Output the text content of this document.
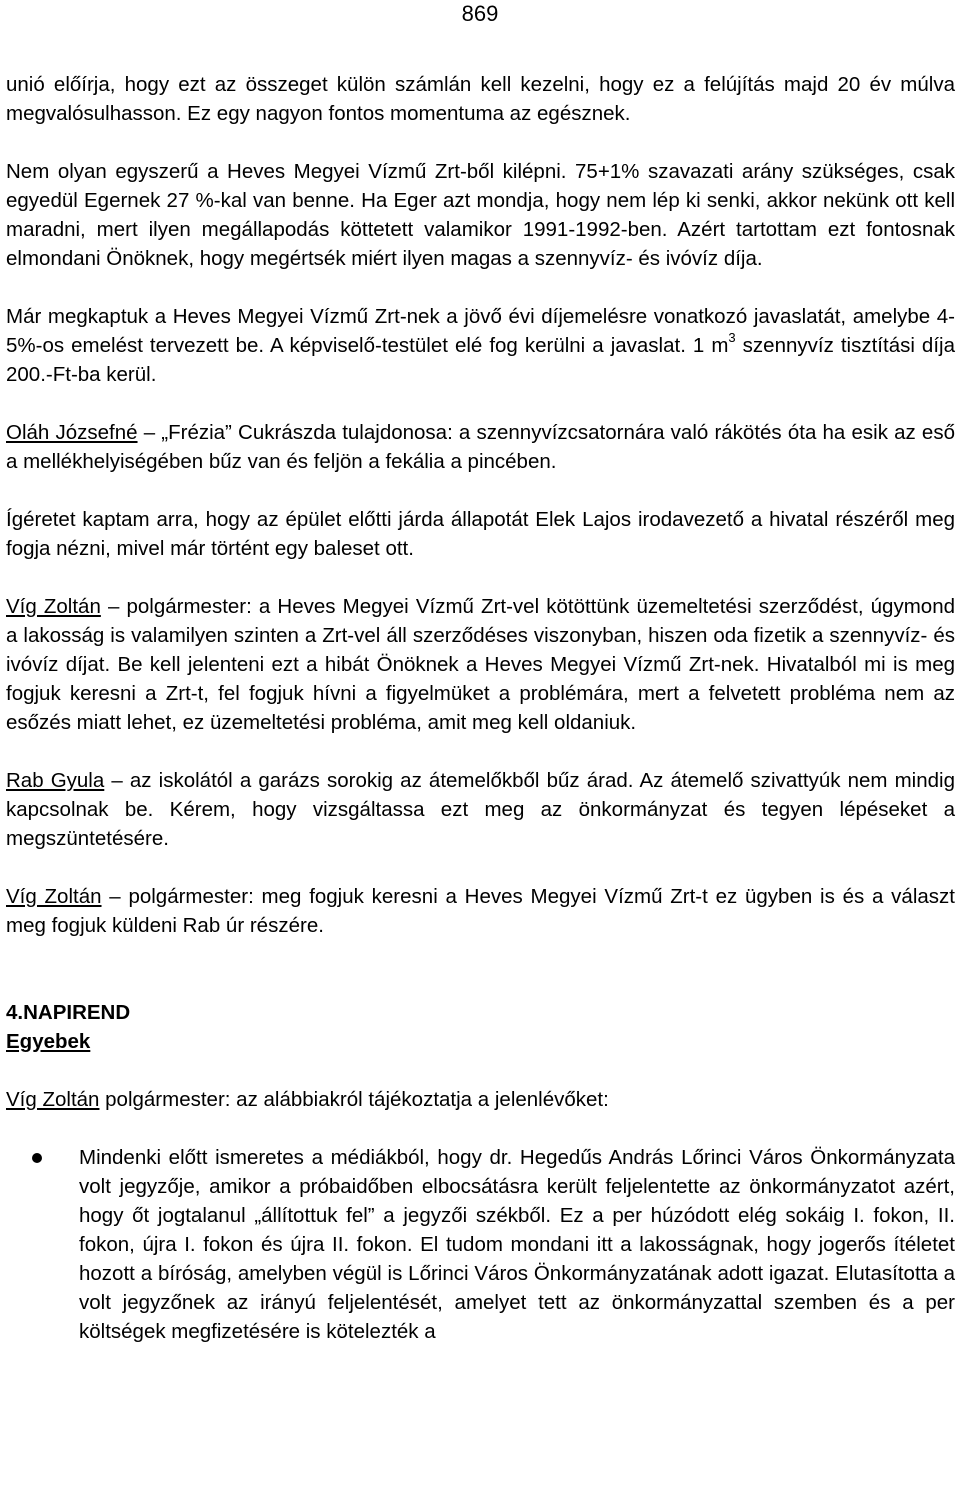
869

unió előírja, hogy ezt az összeget külön számlán kell kezelni, hogy ez a felújítás majd 20 év múlva megvalósulhasson. Ez egy nagyon fontos momentuma az egésznek.

Nem olyan egyszerű a Heves Megyei Vízmű Zrt-ből kilépni. 75+1% szavazati arány szükséges, csak egyedül Egernek 27 %-kal van benne. Ha Eger azt mondja, hogy nem lép ki senki, akkor nekünk ott kell maradni, mert ilyen megállapodás köttetett valamikor 1991-1992-ben. Azért tartottam ezt fontosnak elmondani Önöknek, hogy megértsék miért ilyen magas a szennyvíz- és ivóvíz díja.

Már megkaptuk a Heves Megyei Vízmű Zrt-nek a jövő évi díjemelésre vonatkozó javaslatát, amelybe 4-5%-os emelést tervezett be. A képviselő-testület elé fog kerülni a javaslat. 1 $m^3$ szennyvíz tisztítási díja 200.-Ft-ba kerül.

Oláh Józsefné – „Frézia” Cukrászda tulajdonosa: a szennyvízcsatornára való rákötés óta ha esik az eső a mellékhelyiségében bűz van és feljön a fekália a pincében.

Ígéretet kaptam arra, hogy az épület előtti járda állapotát Elek Lajos irodavezető a hivatal részéről meg fogja nézni, mivel már történt egy baleset ott.

Víg Zoltán – polgármester: a Heves Megyei Vízmű Zrt-vel kötöttünk üzemeltetési szerződést, úgymond a lakosság is valamilyen szinten a Zrt-vel áll szerződéses viszonyban, hiszen oda fizetik a szennyvíz- és ivóvíz díjat. Be kell jelenteni ezt a hibát Önöknek a Heves Megyei Vízmű Zrt-nek. Hivatalból mi is meg fogjuk keresni a Zrt-t, fel fogjuk hívni a figyelmüket a problémára, mert a felvetett probléma nem az esőzés miatt lehet, ez üzemeltetési probléma, amit meg kell oldaniuk.

Rab Gyula – az iskolától a garázs sorokig az átemelőkből bűz árad. Az átemelő szivattyúk nem mindig kapcsolnak be. Kérem, hogy vizsgáltassa ezt meg az önkormányzat és tegyen lépéseket a megszüntetésére.

Víg Zoltán – polgármester: meg fogjuk keresni a Heves Megyei Vízmű Zrt-t ez ügyben is és a választ meg fogjuk küldeni Rab úr részére.

4.NAPIREND

Egyebek

Víg Zoltán polgármester: az alábbiakról tájékoztatja a jelenlévőket:

Mindenki előtt ismeretes a médiákból, hogy dr. Hegedűs András Lőrinci Város Önkormányzata volt jegyzője, amikor a próbaidőben elbocsátásra került feljelentette az önkormányzatot azért, hogy őt jogtalanul „állítottuk fel” a jegyzői székből. Ez a per húzódott elég sokáig I. fokon, II. fokon, újra I. fokon és újra II. fokon. El tudom mondani itt a lakosságnak, hogy jogerős ítéletet hozott a bíróság, amelyben végül is Lőrinci Város Önkormányzatának adott igazat. Elutasította a volt jegyzőnek az irányú feljelentését, amelyet tett az önkormányzattal szemben és a per költségek megfizetésére is kötelezték a
